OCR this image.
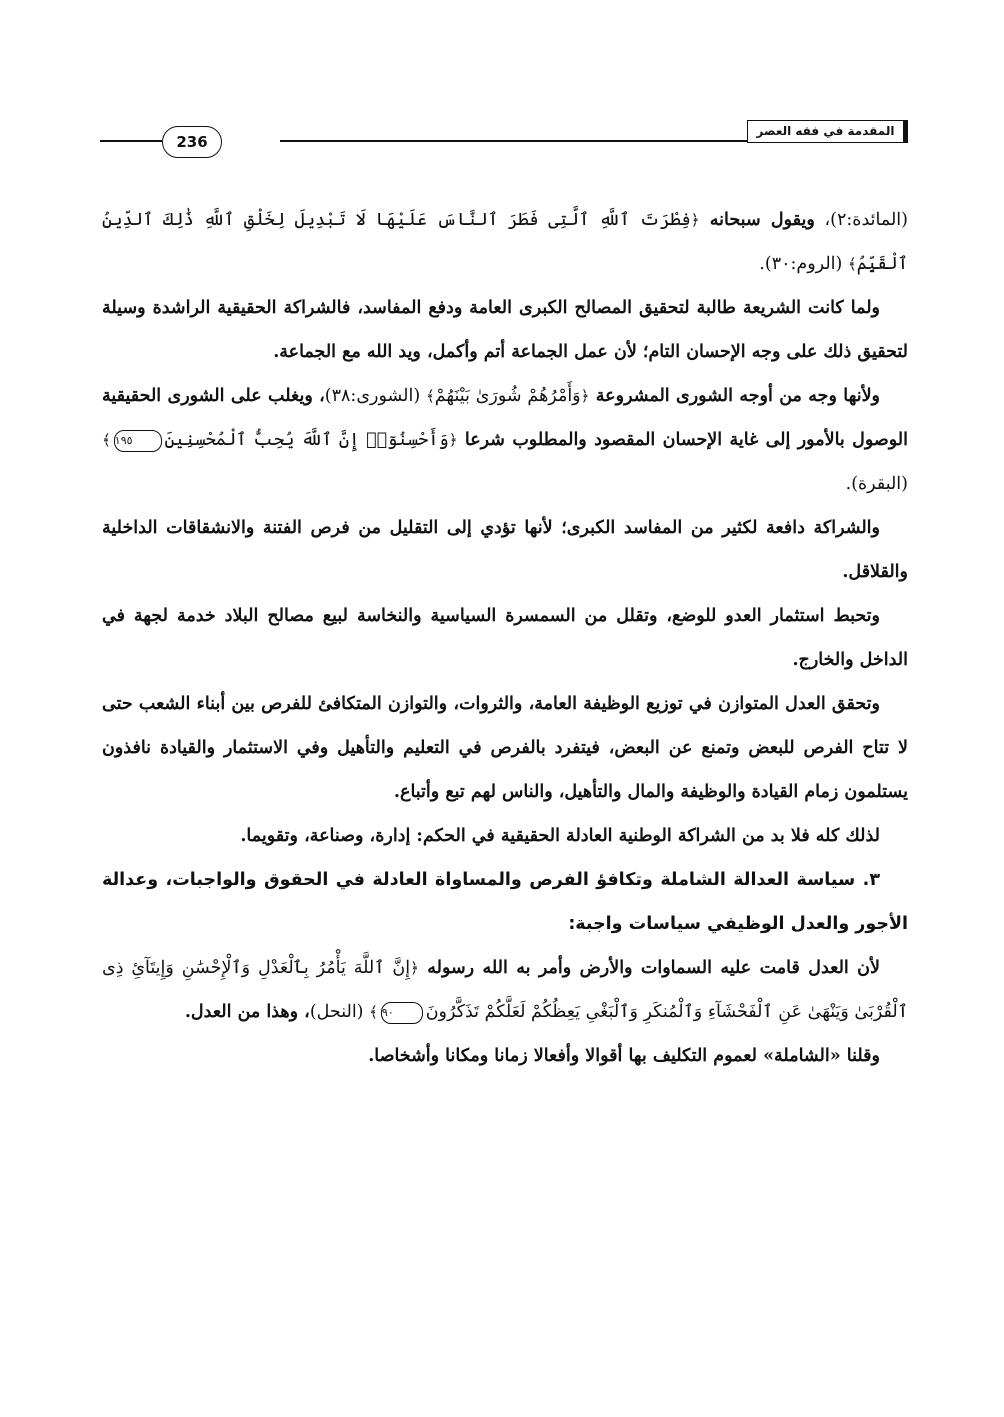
المقدمة في فقه العصر
236

(المائدة:٢)، ويقول سبحانه ﴿فِطْرَتَ ٱللَّهِ ٱلَّتِى فَطَرَ ٱلنَّاسَ عَلَيْهَا لَا تَبْدِيلَ لِخَلْقِ ٱللَّهِ ذَٰلِكَ ٱلدِّينُ ٱلْقَيِّمُ﴾ (الروم:٣٠).

ولما كانت الشريعة طالبة لتحقيق المصالح الكبرى العامة ودفع المفاسد، فالشراكة الحقيقية الراشدة وسيلة لتحقيق ذلك على وجه الإحسان التام؛ لأن عمل الجماعة أتم وأكمل، ويد الله مع الجماعة.

ولأنها وجه من أوجه الشورى المشروعة ﴿وَأَمْرُهُمْ شُورَىٰ بَيْنَهُمْ﴾ (الشورى:٣٨)، ويغلب على الشورى الحقيقية الوصول بالأمور إلى غاية الإحسان المقصود والمطلوب شرعا ﴿وَأَحْسِنُوٓا۟ إِنَّ ٱللَّهَ يُحِبُّ ٱلْمُحْسِنِينَ١٩٥﴾ (البقرة).

والشراكة دافعة لكثير من المفاسد الكبرى؛ لأنها تؤدي إلى التقليل من فرص الفتنة والانشقاقات الداخلية والقلاقل.

وتحبط استثمار العدو للوضع، وتقلل من السمسرة السياسية والنخاسة لبيع مصالح البلاد خدمة لجهة في الداخل والخارج.

وتحقق العدل المتوازن في توزيع الوظيفة العامة، والثروات، والتوازن المتكافئ للفرص بين أبناء الشعب حتى لا تتاح الفرص للبعض وتمنع عن البعض، فيتفرد بالفرص في التعليم والتأهيل وفي الاستثمار والقيادة نافذون يستلمون زمام القيادة والوظيفة والمال والتأهيل، والناس لهم تبع وأتباع.

لذلك كله فلا بد من الشراكة الوطنية العادلة الحقيقية في الحكم: إدارة، وصناعة، وتقويما.

٣. سياسة العدالة الشاملة وتكافؤ الفرص والمساواة العادلة في الحقوق والواجبات، وعدالة الأجور والعدل الوظيفي سياسات واجبة:

لأن العدل قامت عليه السماوات والأرض وأمر به الله رسوله ﴿إِنَّ ٱللَّهَ يَأْمُرُ بِٱلْعَدْلِ وَٱلْإِحْسَٰنِ وَإِيتَآئِ ذِى ٱلْقُرْبَىٰ وَيَنْهَىٰ عَنِ ٱلْفَحْشَآءِ وَٱلْمُنكَرِ وَٱلْبَغْىِ يَعِظُكُمْ لَعَلَّكُمْ تَذَكَّرُونَ٩٠﴾ (النحل)، وهذا من العدل.

وقلنا «الشاملة» لعموم التكليف بها أقوالا وأفعالا زمانا ومكانا وأشخاصا.
